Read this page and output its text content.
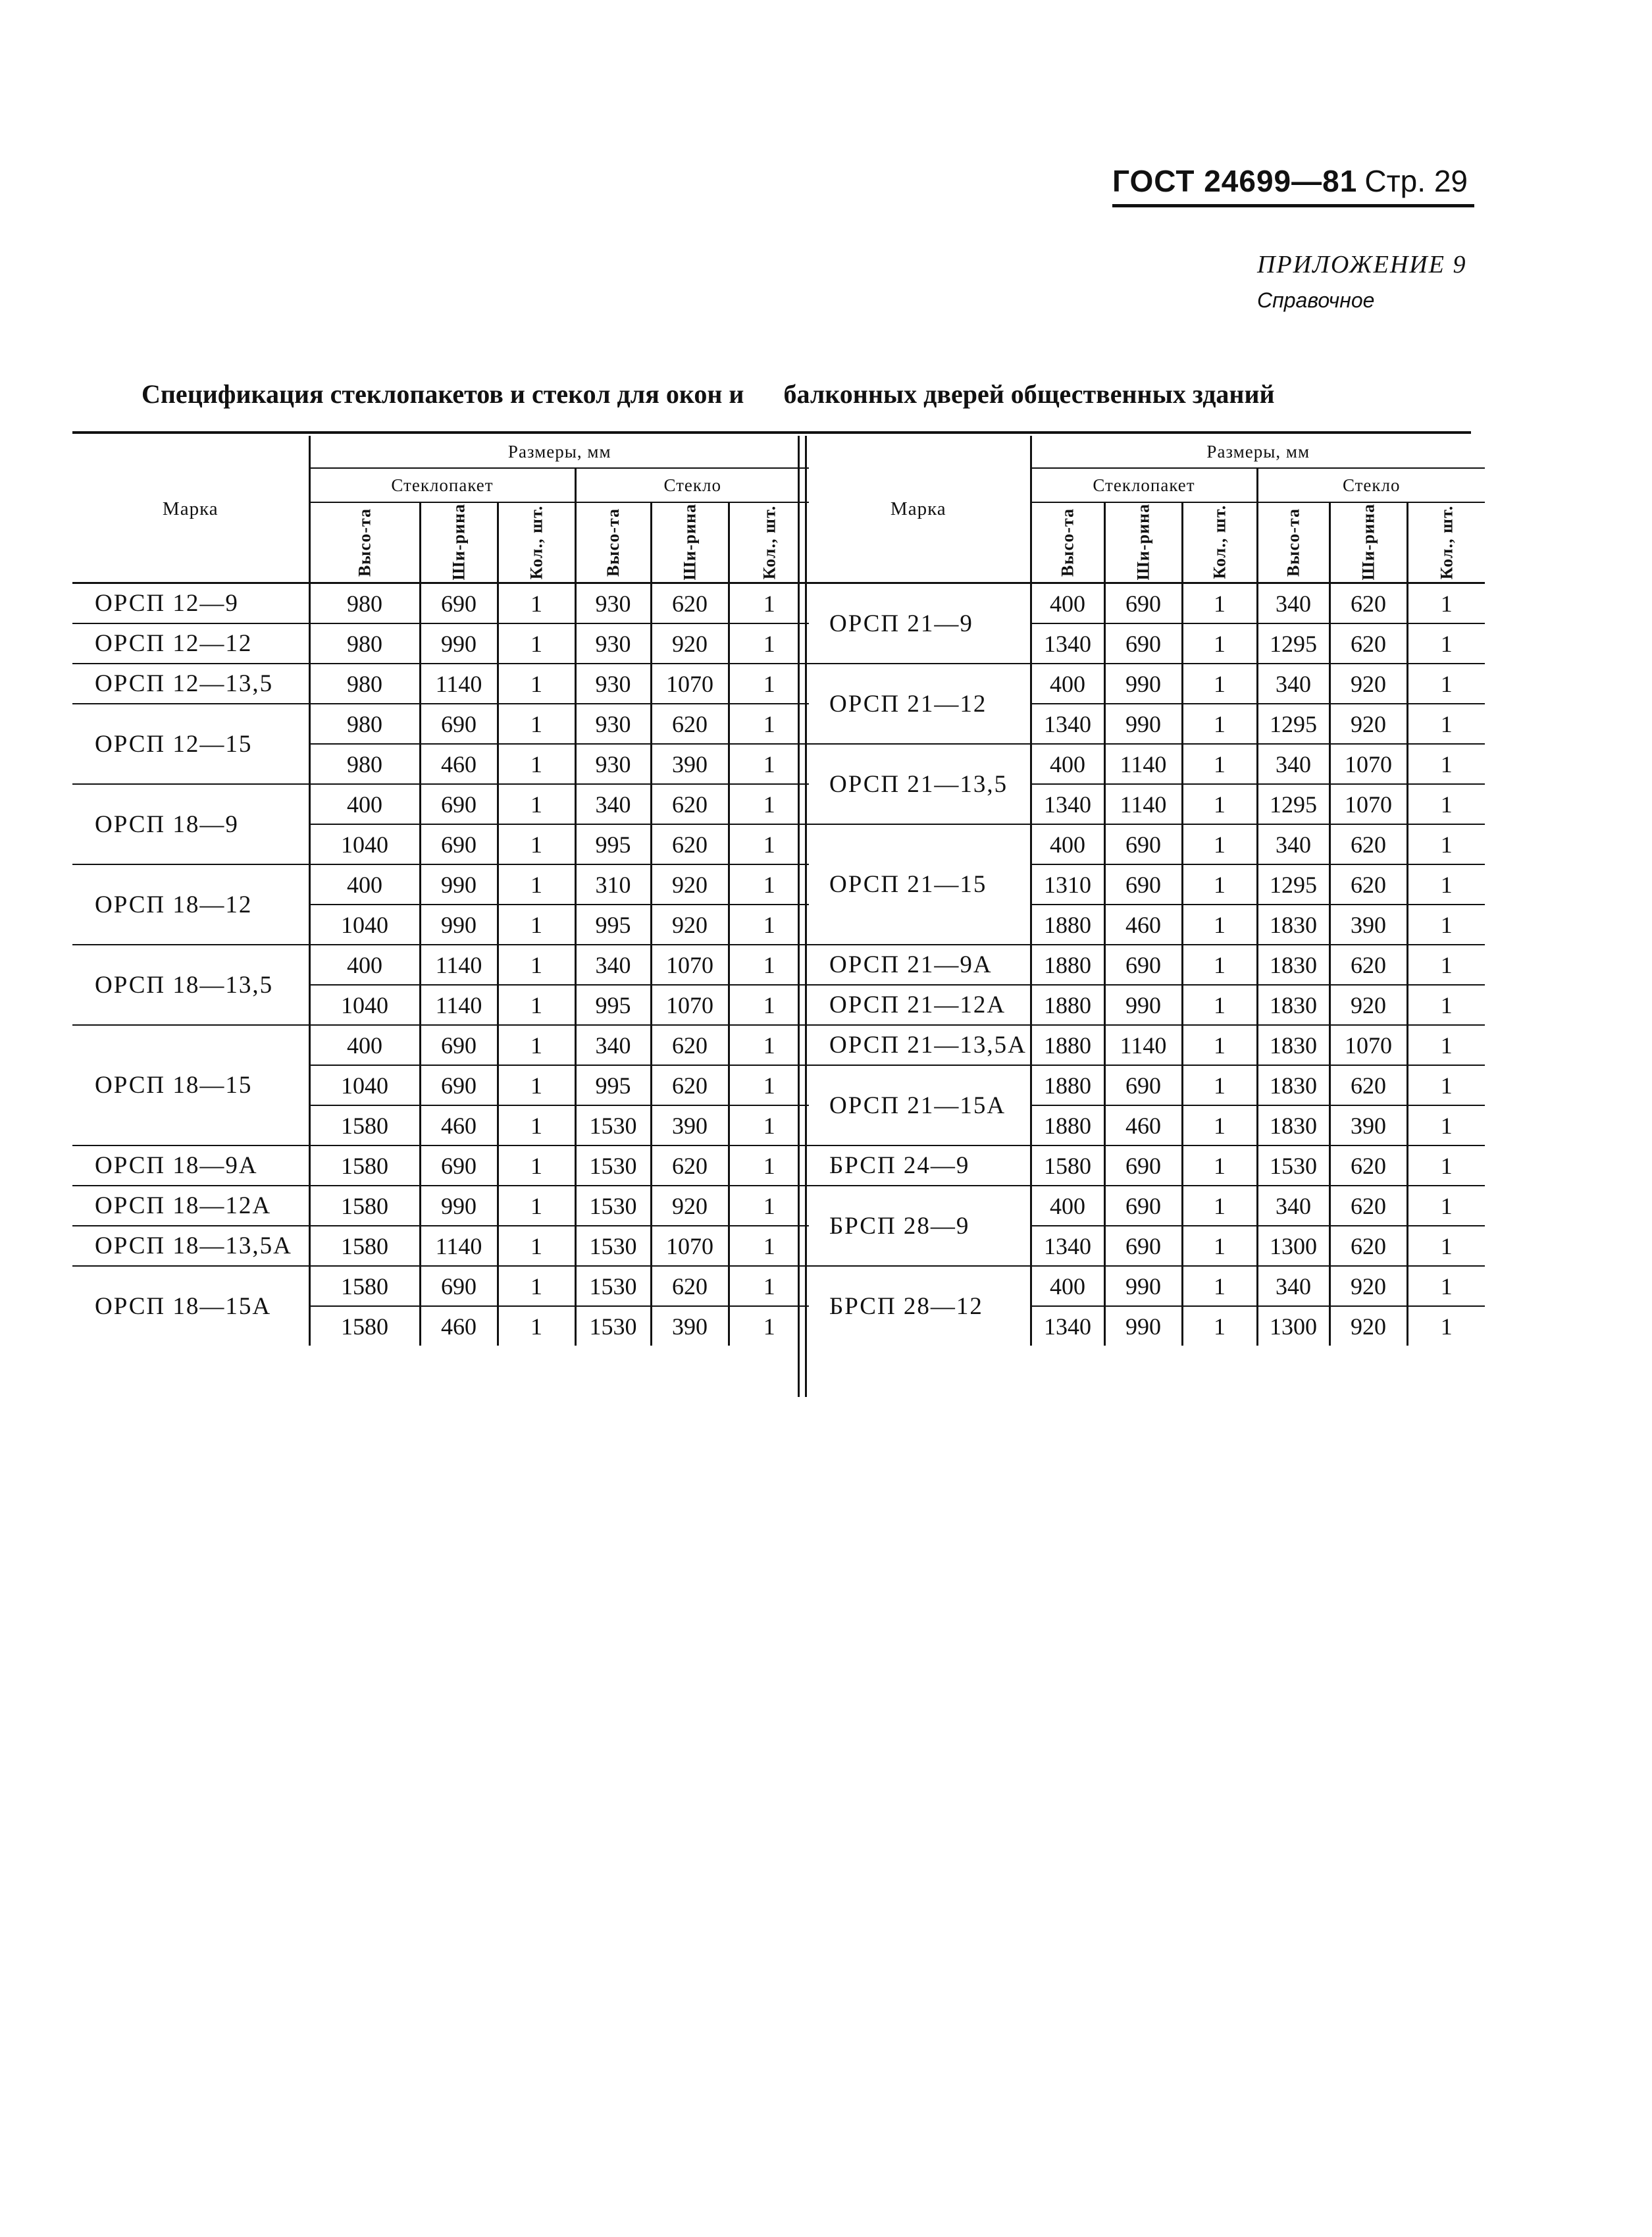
ГОСТ 24699—81 Стр. 29
ПРИЛОЖЕНИЕ 9
Справочное
Спецификация стеклопакетов и стекол для окон и балконных дверей общественных зданий
Марка	Размеры, мм					
	Стеклопакет			Стекло		

	Высо-та	Ши-рина	Кол., шт.	Высо-та	Ши-рина	Кол., шт.

ОРСП 12—9	980	690	1	930	620	1
ОРСП 12—12	980	990	1	930	920	1
ОРСП 12—13,5	980	1140	1	930	1070	1
ОРСП 12—15	980	690	1	930	620	1
	980	460	1	930	390	1
ОРСП 18—9	400	690	1	340	620	1
	1040	690	1	995	620	1
ОРСП 18—12	400	990	1	310	920	1
	1040	990	1	995	920	1
ОРСП 18—13,5	400	1140	1	340	1070	1
	1040	1140	1	995	1070	1
ОРСП 18—15	400	690	1	340	620	1
	1040	690	1	995	620	1
	1580	460	1	1530	390	1
ОРСП 18—9А	1580	690	1	1530	620	1
ОРСП 18—12А	1580	990	1	1530	920	1
ОРСП 18—13,5А	1580	1140	1	1530	1070	1
ОРСП 18—15А	1580	690	1	1530	620	1
	1580	460	1	1530	390	1
Марка	Размеры, мм					
	Стеклопакет			Стекло		

	Высо-та	Ши-рина	Кол., шт.	Высо-та	Ши-рина	Кол., шт.

ОРСП 21—9	400	690	1	340	620	1
	1340	690	1	1295	620	1
ОРСП 21—12	400	990	1	340	920	1
	1340	990	1	1295	920	1
ОРСП 21—13,5	400	1140	1	340	1070	1
	1340	1140	1	1295	1070	1
ОРСП 21—15	400	690	1	340	620	1
	1310	690	1	1295	620	1
	1880	460	1	1830	390	1
ОРСП 21—9А	1880	690	1	1830	620	1
ОРСП 21—12А	1880	990	1	1830	920	1
ОРСП 21—13,5А	1880	1140	1	1830	1070	1
ОРСП 21—15А	1880	690	1	1830	620	1
	1880	460	1	1830	390	1
БРСП 24—9	1580	690	1	1530	620	1
БРСП 28—9	400	690	1	340	620	1
	1340	690	1	1300	620	1
БРСП 28—12	400	990	1	340	920	1
	1340	990	1	1300	920	1
